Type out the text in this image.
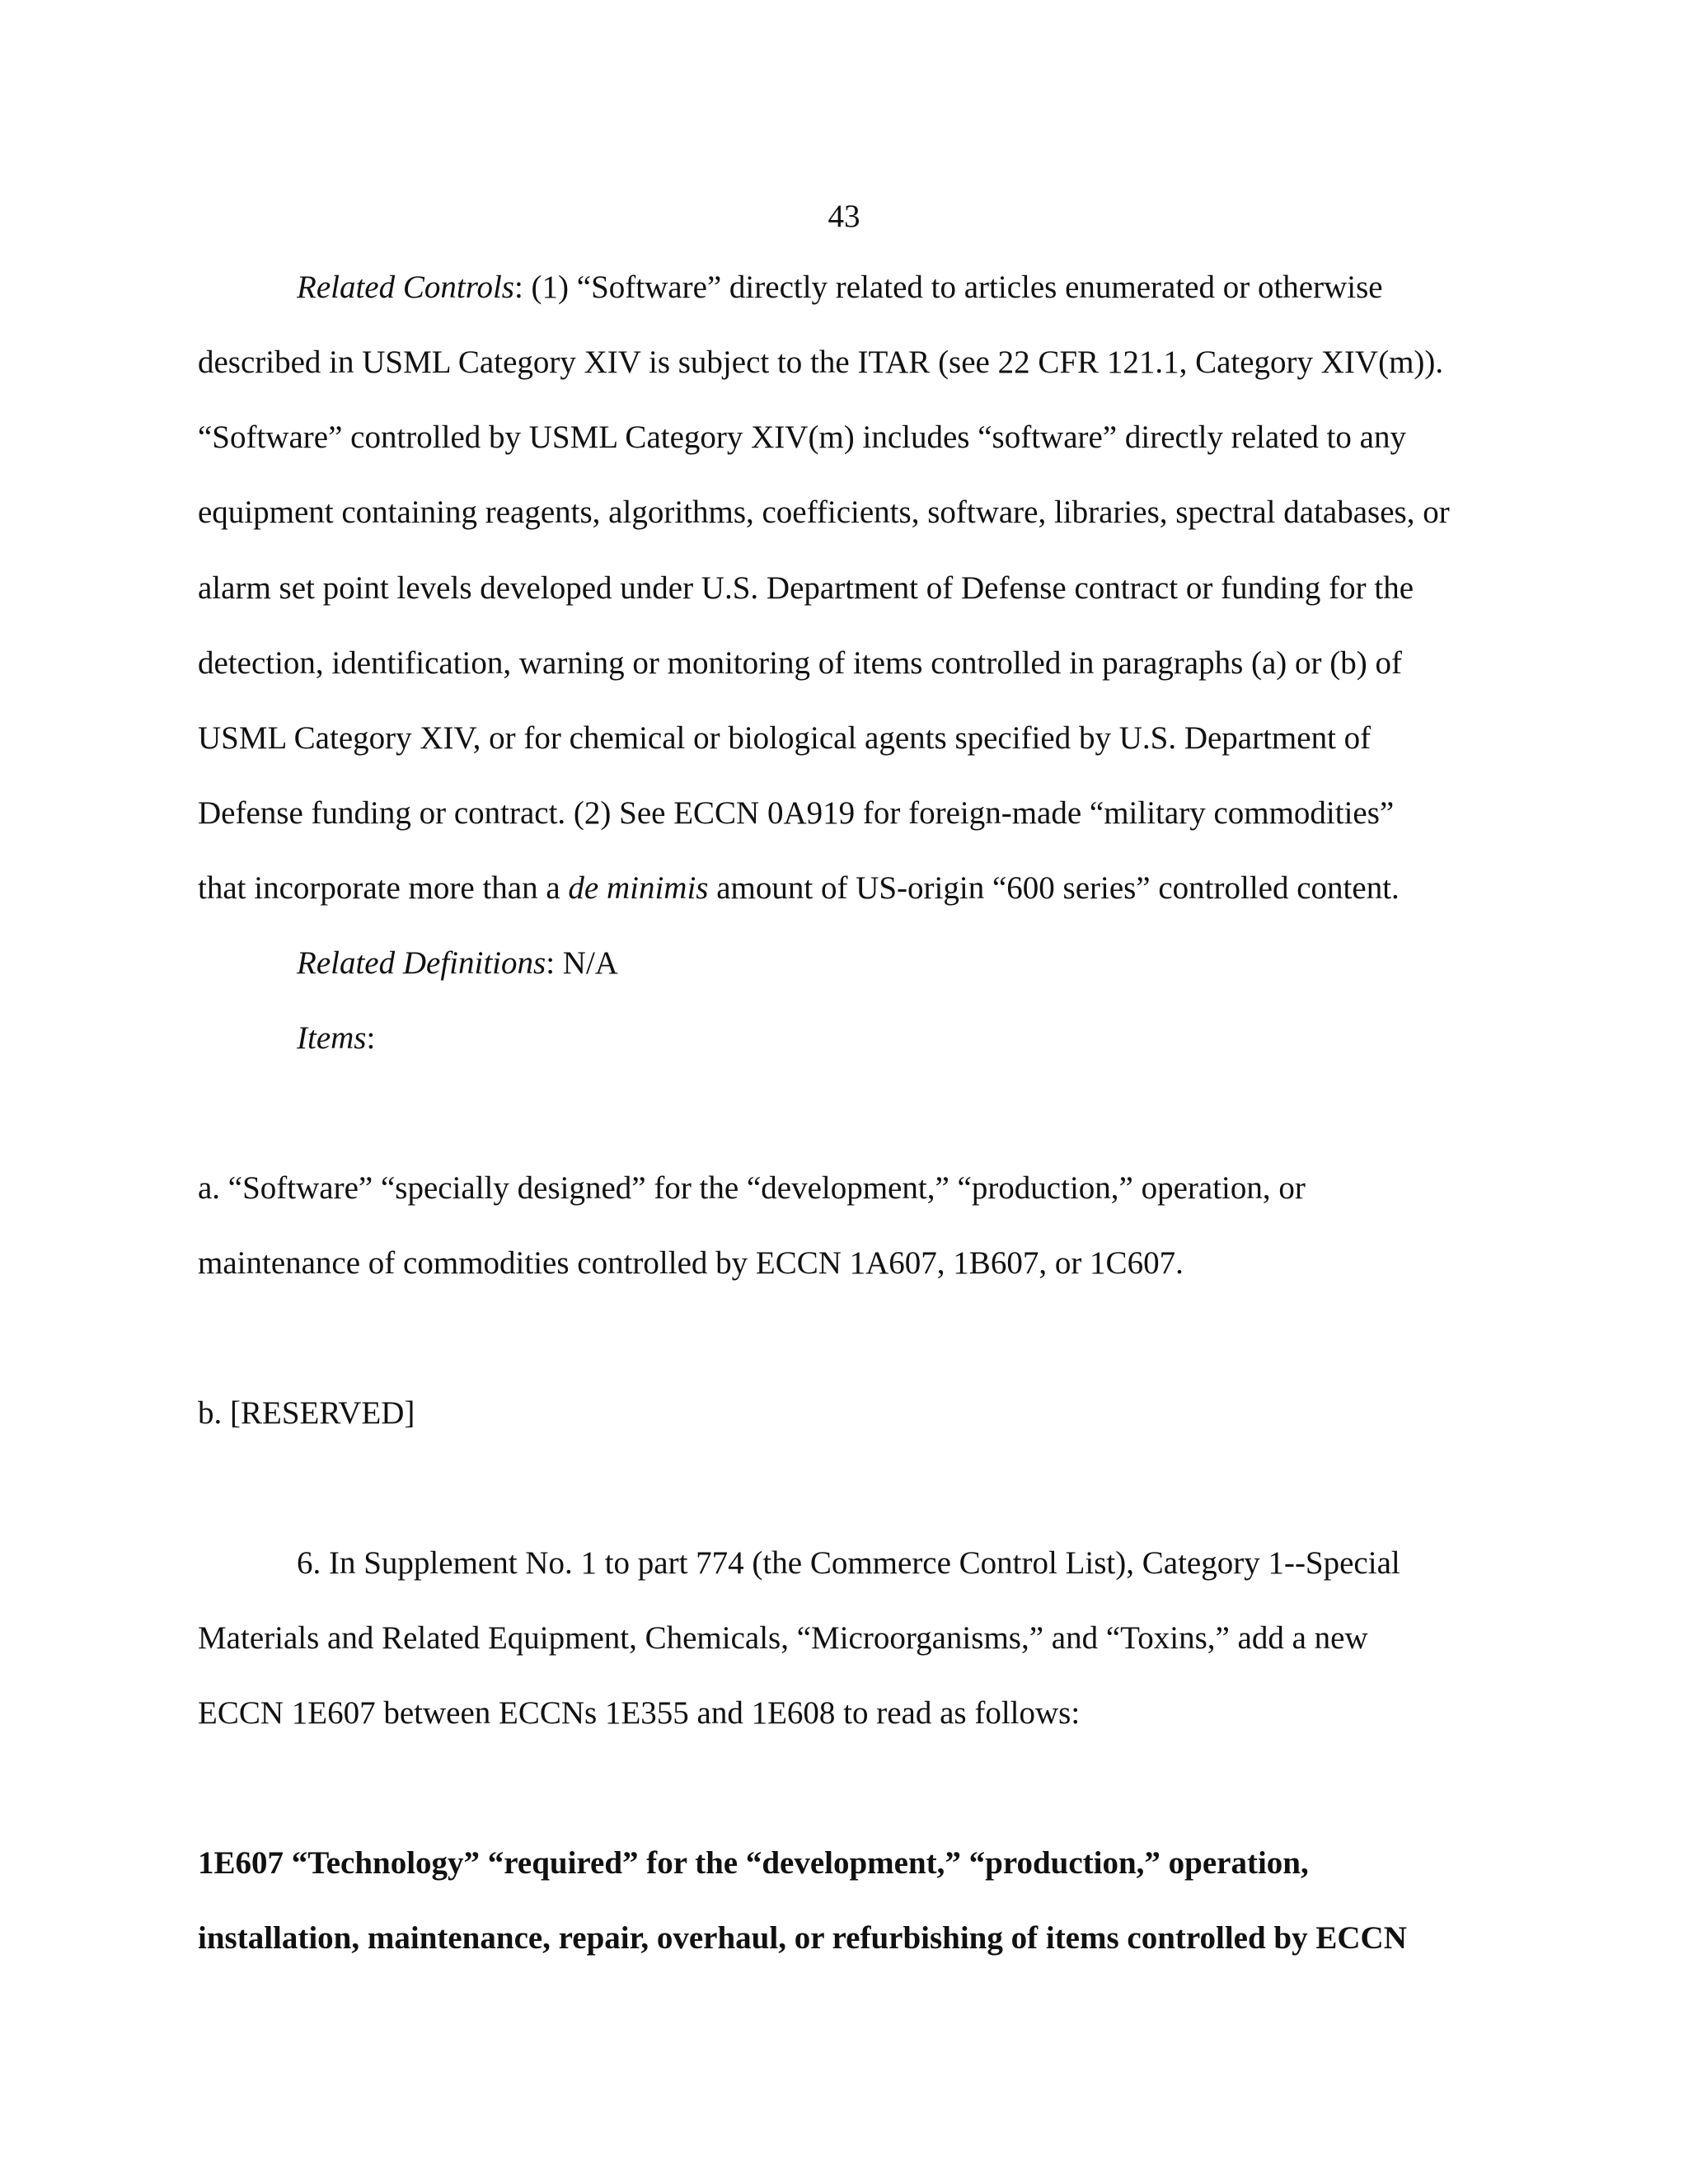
43
Related Controls: (1) “Software” directly related to articles enumerated or otherwise
described in USML Category XIV is subject to the ITAR (see 22 CFR 121.1, Category XIV(m)).
“Software” controlled by USML Category XIV(m) includes “software” directly related to any
equipment containing reagents, algorithms, coefficients, software, libraries, spectral databases, or
alarm set point levels developed under U.S. Department of Defense contract or funding for the
detection, identification, warning or monitoring of items controlled in paragraphs (a) or (b) of
USML Category XIV, or for chemical or biological agents specified by U.S. Department of
Defense funding or contract. (2) See ECCN 0A919 for foreign-made “military commodities”
that incorporate more than a de minimis amount of US-origin “600 series” controlled content.
Related Definitions: N/A
Items:
a. “Software” “specially designed” for the “development,” “production,” operation, or
maintenance of commodities controlled by ECCN 1A607, 1B607, or 1C607.
b. [RESERVED]
6. In Supplement No. 1 to part 774 (the Commerce Control List), Category 1--Special
Materials and Related Equipment, Chemicals, “Microorganisms,” and “Toxins,” add a new
ECCN 1E607 between ECCNs 1E355 and 1E608 to read as follows:
1E607 “Technology” “required” for the “development,” “production,” operation,
installation, maintenance, repair, overhaul, or refurbishing of items controlled by ECCN
